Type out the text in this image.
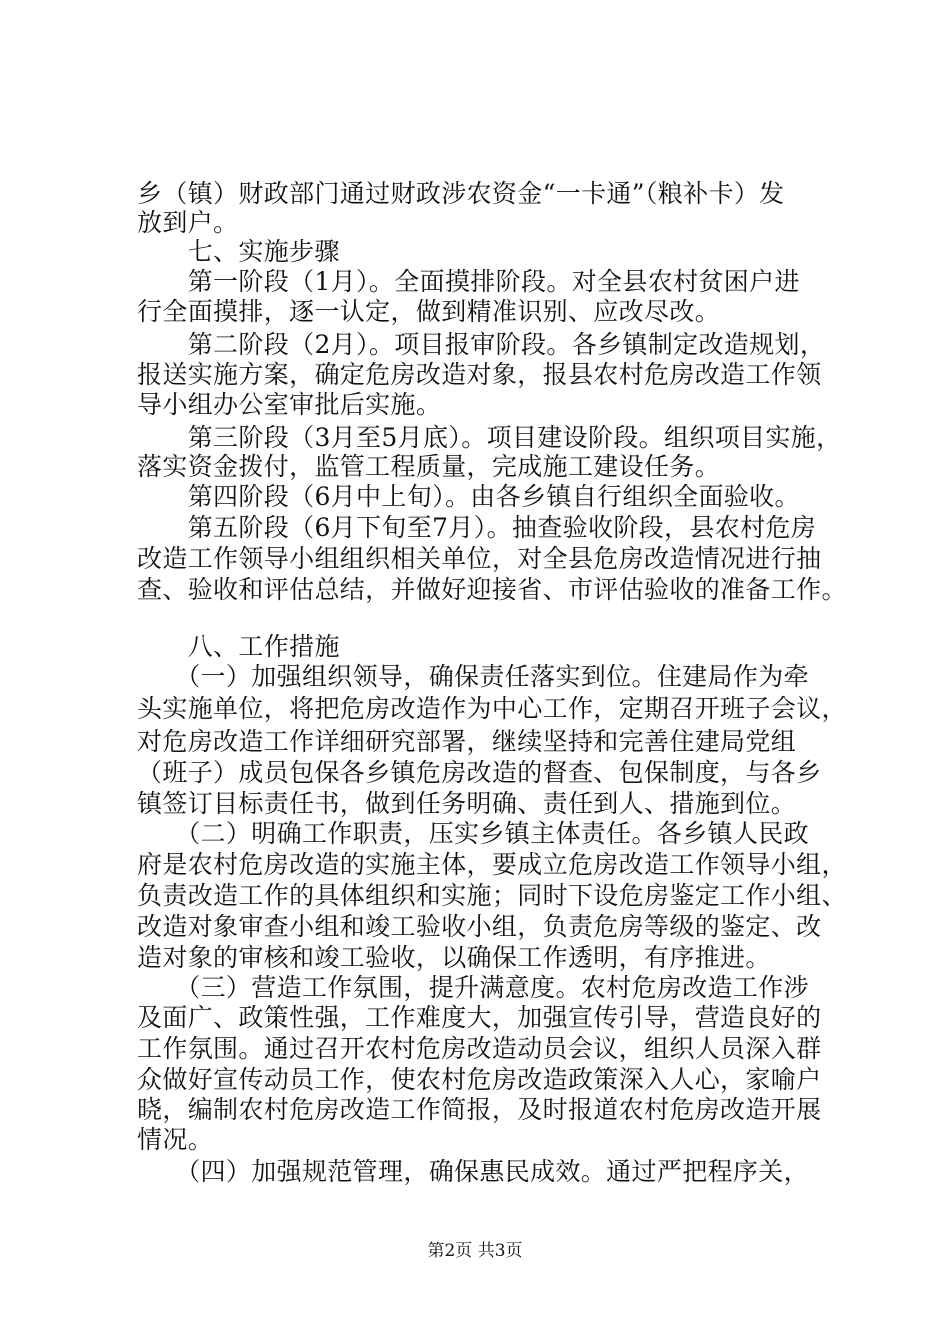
乡（镇）财政部门通过财政涉农资金“一卡通”（粮补卡）发
放到户。
　　七、实施步骤
　　第一阶段（1月）。全面摸排阶段。对全县农村贫困户进
行全面摸排，逐一认定，做到精准识别、应改尽改。
　　第二阶段（2月）。项目报审阶段。各乡镇制定改造规划，
报送实施方案，确定危房改造对象，报县农村危房改造工作领
导小组办公室审批后实施。
　　第三阶段（3月至5月底）。项目建设阶段。组织项目实施，
落实资金拨付，监管工程质量，完成施工建设任务。
　　第四阶段（6月中上旬）。由各乡镇自行组织全面验收。
　　第五阶段（6月下旬至7月）。抽查验收阶段，县农村危房
改造工作领导小组组织相关单位，对全县危房改造情况进行抽
查、验收和评估总结，并做好迎接省、市评估验收的准备工作。
　　八、工作措施
　　（一）加强组织领导，确保责任落实到位。住建局作为牵
头实施单位，将把危房改造作为中心工作，定期召开班子会议，
对危房改造工作详细研究部署，继续坚持和完善住建局党组
（班子）成员包保各乡镇危房改造的督查、包保制度，与各乡
镇签订目标责任书，做到任务明确、责任到人、措施到位。
　　（二）明确工作职责，压实乡镇主体责任。各乡镇人民政
府是农村危房改造的实施主体，要成立危房改造工作领导小组，
负责改造工作的具体组织和实施；同时下设危房鉴定工作小组、
改造对象审查小组和竣工验收小组，负责危房等级的鉴定、改
造对象的审核和竣工验收，以确保工作透明，有序推进。
　　（三）营造工作氛围，提升满意度。农村危房改造工作涉
及面广、政策性强，工作难度大，加强宣传引导，营造良好的
工作氛围。通过召开农村危房改造动员会议，组织人员深入群
众做好宣传动员工作，使农村危房改造政策深入人心，家喻户
晓，编制农村危房改造工作简报，及时报道农村危房改造开展
情况。
　　（四）加强规范管理，确保惠民成效。通过严把程序关，
第2页 共3页
